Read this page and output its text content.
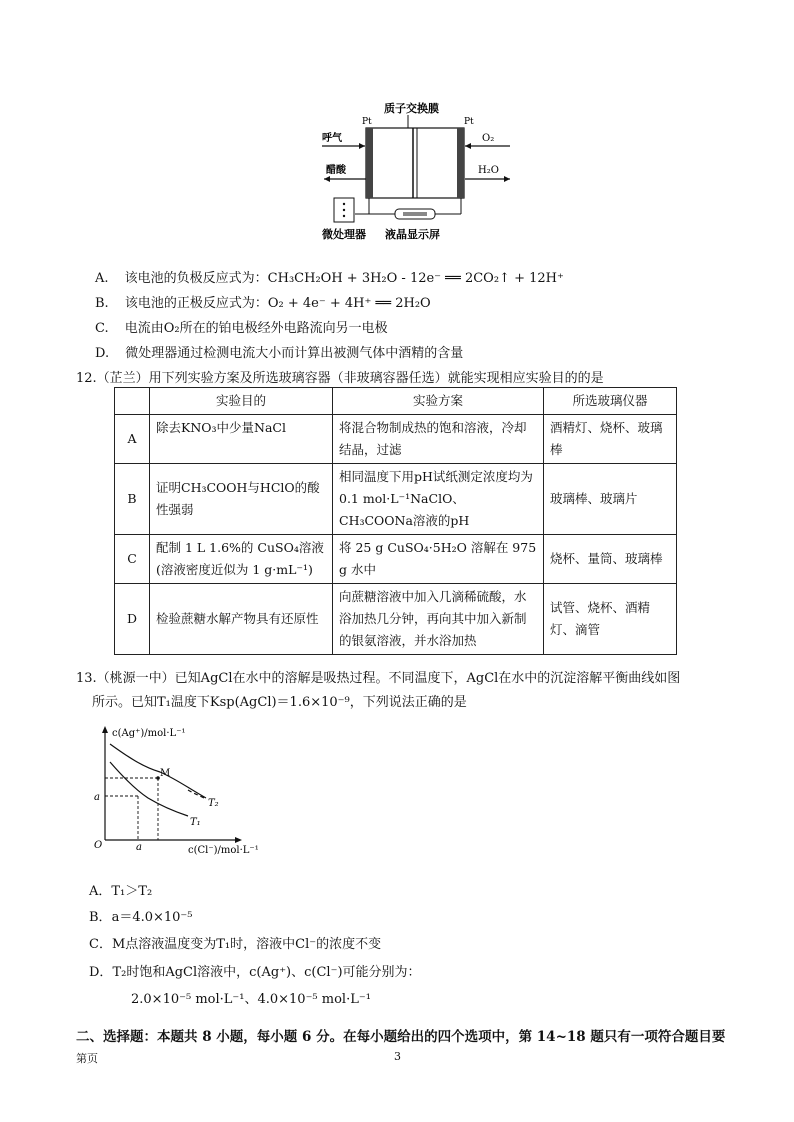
质子交换膜
Pt	Pt
呼气
醋酸
O₂
H₂O
微处理器 液晶显示屏
A. 该电池的负极反应式为：CH₃CH₂OH + 3H₂O - 12e⁻ ══ 2CO₂↑ + 12H⁺
B. 该电池的正极反应式为：O₂ + 4e⁻ + 4H⁺ ══ 2H₂O
C. 电流由O₂所在的铂电极经外电路流向另一电极
D. 微处理器通过检测电流大小而计算出被测气体中酒精的含量
12.（芷兰）用下列实验方案及所选玻璃容器（非玻璃容器任选）就能实现相应实验目的的是
	实验目的	实验方案	所选玻璃仪器
A	除去KNO₃中少量NaCl	将混合物制成热的饱和溶液，冷却结晶，过滤	酒精灯、烧杯、玻璃棒
B	证明CH₃COOH与HClO的酸性强弱	相同温度下用pH试纸测定浓度均为 0.1 mol·L⁻¹NaClO、CH₃COONa溶液的pH	玻璃棒、玻璃片
C	配制 1 L 1.6%的 CuSO₄溶液(溶液密度近似为 1 g·mL⁻¹)	将 25 g CuSO₄·5H₂O 溶解在 975 g 水中	烧杯、量筒、玻璃棒
D	检验蔗糖水解产物具有还原性	向蔗糖溶液中加入几滴稀硫酸，水浴加热几分钟，再向其中加入新制的银氨溶液，并水浴加热	试管、烧杯、酒精灯、滴管
13.（桃源一中）已知AgCl在水中的溶解是吸热过程。不同温度下，AgCl在水中的沉淀溶解平衡曲线如图
所示。已知T₁温度下Ksp(AgCl)＝1.6×10⁻⁹，下列说法正确的是
c(Ag⁺)/mol·L⁻¹
c(Cl⁻)/mol·L⁻¹
O
a
a
M
T₂
T₁
A．T₁＞T₂
B．a＝4.0×10⁻⁵
C．M点溶液温度变为T₁时，溶液中Cl⁻的浓度不变
D．T₂时饱和AgCl溶液中，c(Ag⁺)、c(Cl⁻)可能分别为：
2.0×10⁻⁵ mol·L⁻¹、4.0×10⁻⁵ mol·L⁻¹
二、选择题：本题共 8 小题，每小题 6 分。在每小题给出的四个选项中，第 14~18 题只有一项符合题目要
第页	3
